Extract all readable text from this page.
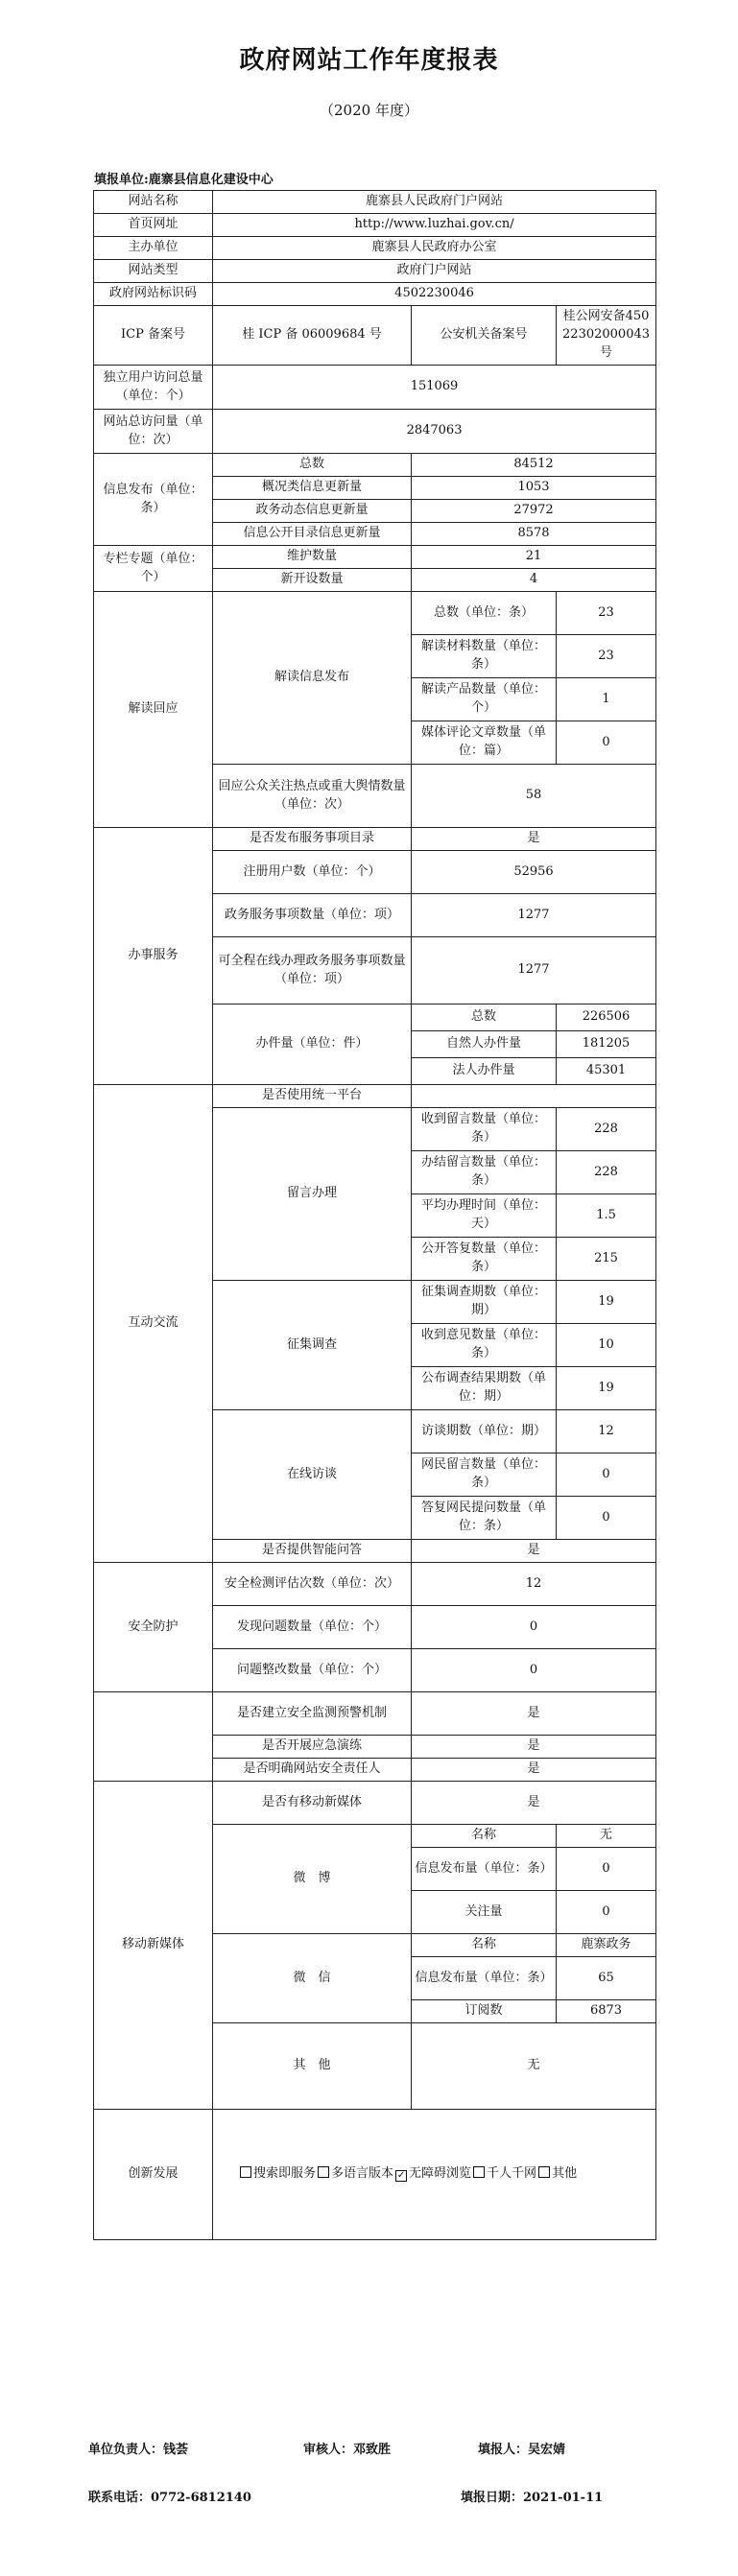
政府网站工作年度报表
（2020 年度）
填报单位:鹿寨县信息化建设中心
网站名称	鹿寨县人民政府门户网站		
首页网址	http://www.luzhai.gov.cn/		
主办单位	鹿寨县人民政府办公室		
网站类型	政府门户网站		
政府网站标识码	4502230046		
ICP 备案号	桂 ICP 备 06009684 号	公安机关备案号	桂公网安备45022302000043 号
独立用户访问总量（单位：个）	151069		
网站总访问量（单位：次）	2847063		
信息发布（单位：条）	总数	84512	
	概况类信息更新量	1053	
	政务动态信息更新量	27972	
	信息公开目录信息更新量	8578	
专栏专题（单位：个）	维护数量	21	
	新开设数量	4	
解读回应	解读信息发布	总数（单位：条）	23
		解读材料数量（单位：条）	23
		解读产品数量（单位：个）	1
		媒体评论文章数量（单位：篇）	0
	回应公众关注热点或重大舆情数量（单位：次）	58	
办事服务	是否发布服务事项目录	是	
	注册用户数（单位：个）	52956	
	政务服务事项数量（单位：项）	1277	
	可全程在线办理政务服务事项数量（单位：项）	1277	
	办件量（单位：件）	总数	226506
		自然人办件量	181205
		法人办件量	45301
互动交流	是否使用统一平台		
	留言办理	收到留言数量（单位：条）	228
		办结留言数量（单位：条）	228
		平均办理时间（单位：天）	1.5
		公开答复数量（单位：条）	215
	征集调查	征集调查期数（单位：期）	19
		收到意见数量（单位：条）	10
		公布调查结果期数（单位：期）	19
	在线访谈	访谈期数（单位：期）	12
		网民留言数量（单位：条）	0
		答复网民提问数量（单位：条）	0
	是否提供智能问答	是	
安全防护	安全检测评估次数（单位：次）	12	
	发现问题数量（单位：个）	0	
	问题整改数量（单位：个）	0	
	是否建立安全监测预警机制	是	
	是否开展应急演练	是	
	是否明确网站安全责任人	是	
移动新媒体	是否有移动新媒体	是	
	微　博	名称	无
		信息发布量（单位：条）	0
		关注量	0
	微　信	名称	鹿寨政务
		信息发布量（单位：条）	65
		订阅数	6873
	其　他	无	
创新发展	搜索即服务 多语言版本 ✓ 无障碍浏览 千人千网 其他		
单位负责人：钱荟	审核人：邓致胜	填报人：吴宏婧
联系电话：0772-6812140	填报日期：2021-01-11
